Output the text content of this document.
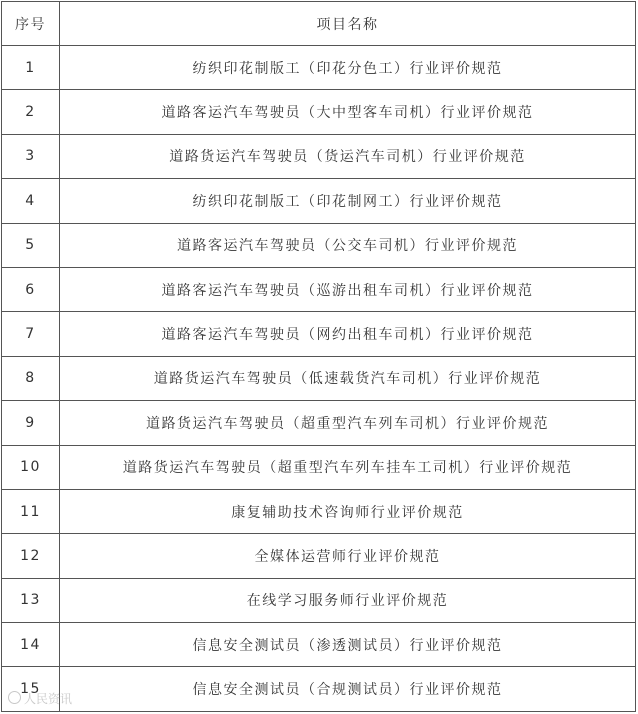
序号	项目名称
1	纺织印花制版工（印花分色工）行业评价规范
2	道路客运汽车驾驶员（大中型客车司机）行业评价规范
3	道路货运汽车驾驶员（货运汽车司机）行业评价规范
4	纺织印花制版工（印花制网工）行业评价规范
5	道路客运汽车驾驶员（公交车司机）行业评价规范
6	道路客运汽车驾驶员（巡游出租车司机）行业评价规范
7	道路客运汽车驾驶员（网约出租车司机）行业评价规范
8	道路货运汽车驾驶员（低速载货汽车司机）行业评价规范
9	道路货运汽车驾驶员（超重型汽车列车司机）行业评价规范
10	道路货运汽车驾驶员（超重型汽车列车挂车工司机）行业评价规范
11	康复辅助技术咨询师行业评价规范
12	全媒体运营师行业评价规范
13	在线学习服务师行业评价规范
14	信息安全测试员（渗透测试员）行业评价规范
15	信息安全测试员（合规测试员）行业评价规范
人民资讯
